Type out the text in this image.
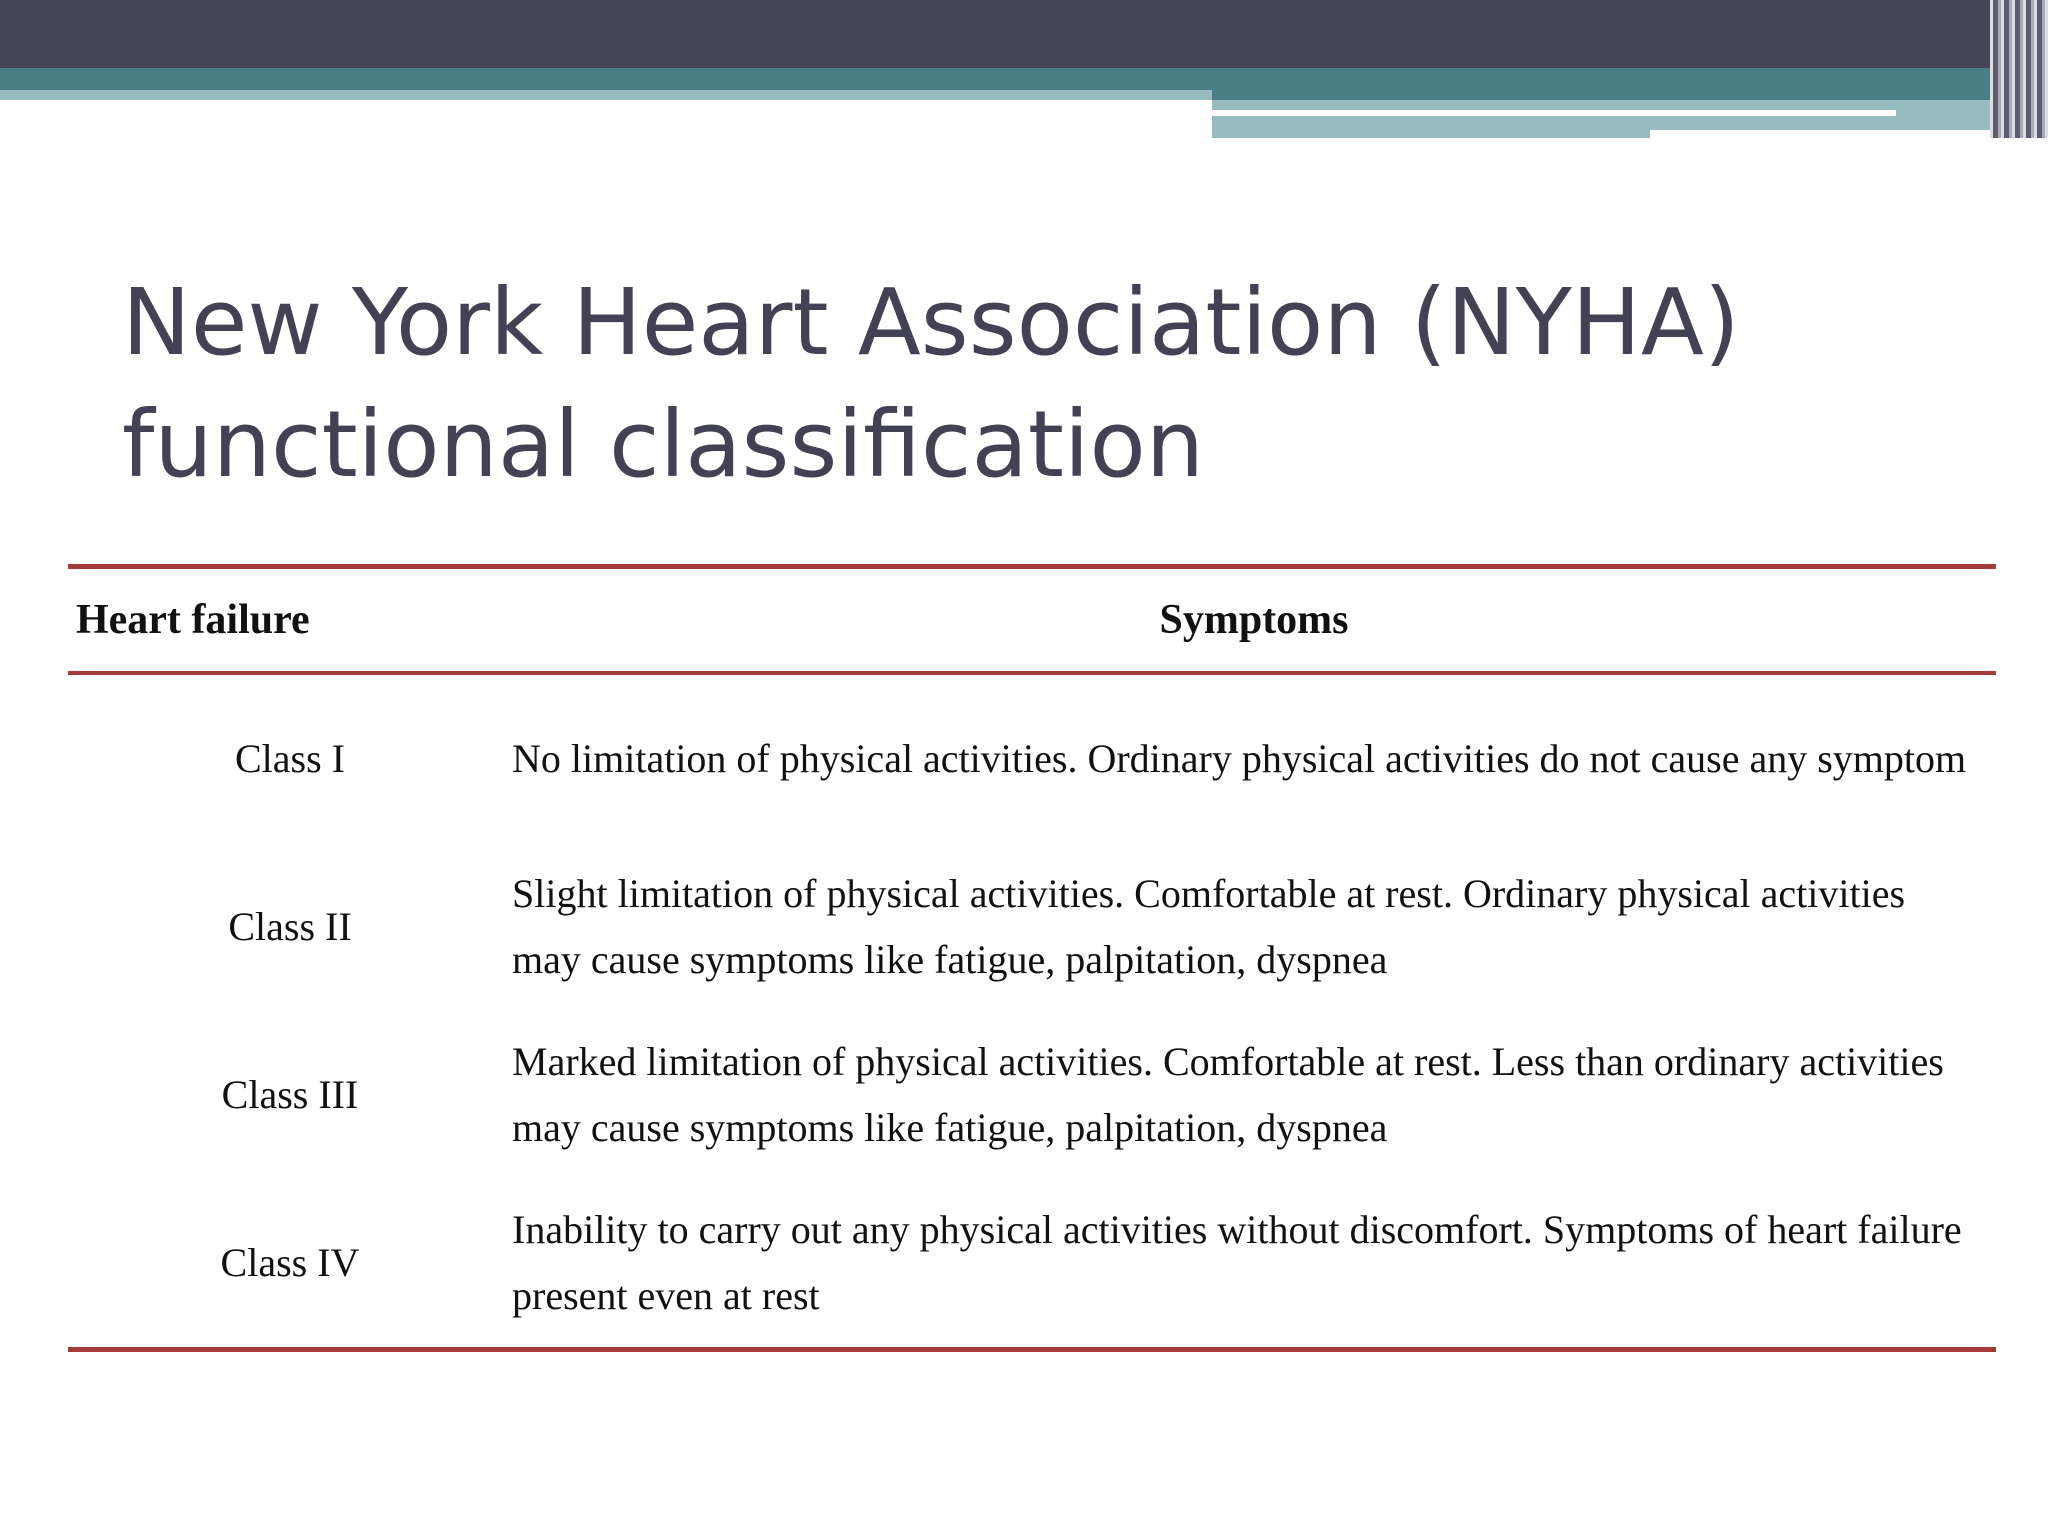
New York Heart Association (NYHA)
functional classification
Heart failure	Symptoms
Class I	No limitation of physical activities. Ordinary physical activities do not cause any symptom
Class II	Slight limitation of physical activities. Comfortable at rest. Ordinary physical activities may cause symptoms like fatigue, palpitation, dyspnea
Class III	Marked limitation of physical activities. Comfortable at rest. Less than ordinary activities may cause symptoms like fatigue, palpitation, dyspnea
Class IV	Inability to carry out any physical activities without discomfort. Symptoms of heart failure present even at rest
